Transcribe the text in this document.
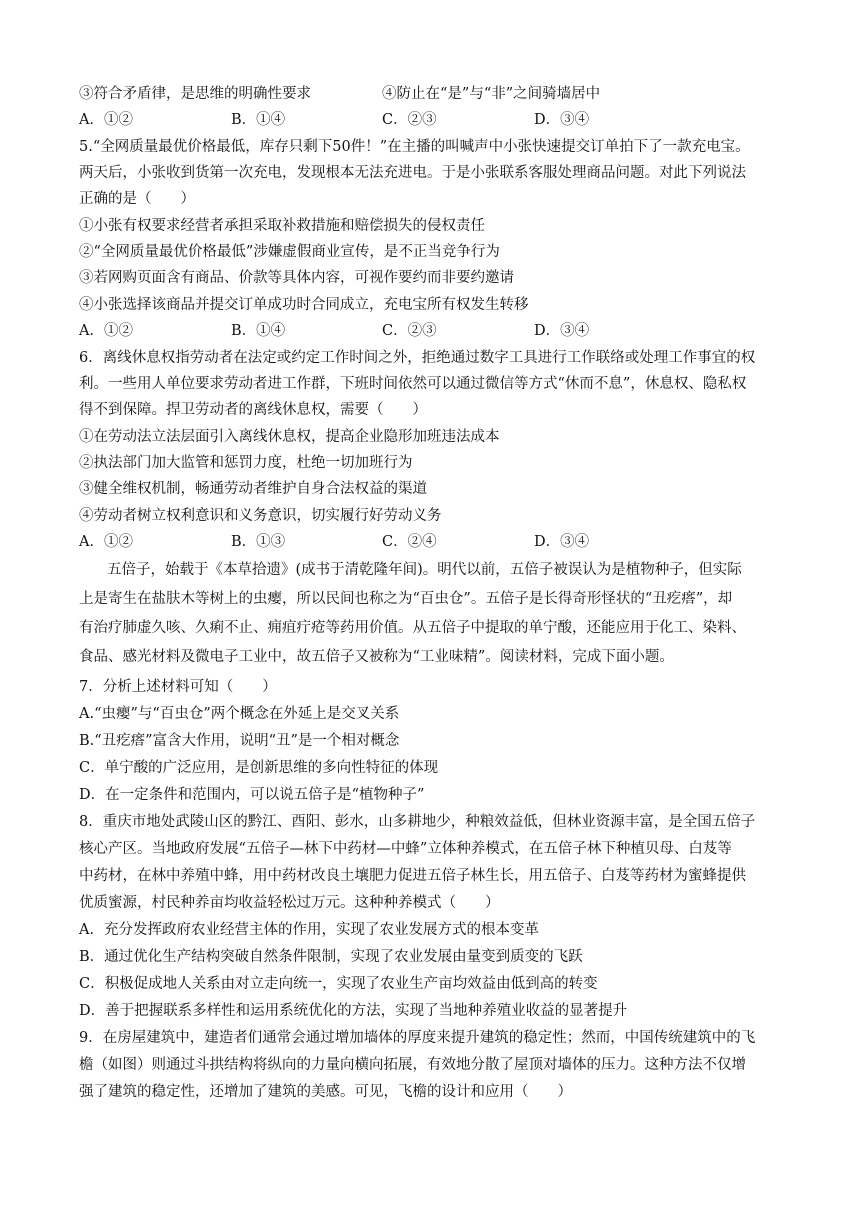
③符合矛盾律，是思维的明确性要求	④防止在“是”与“非”之间骑墙居中
A．①②	B．①④	C．②③	D．③④
5.“全网质量最优价格最低，库存只剩下50件！”在主播的叫喊声中小张快速提交订单拍下了一款充电宝。
两天后，小张收到货第一次充电，发现根本无法充进电。于是小张联系客服处理商品问题。对此下列说法
正确的是（　　）
①小张有权要求经营者承担采取补救措施和赔偿损失的侵权责任
②“全网质量最优价格最低”涉嫌虚假商业宣传，是不正当竞争行为
③若网购页面含有商品、价款等具体内容，可视作要约而非要约邀请
④小张选择该商品并提交订单成功时合同成立，充电宝所有权发生转移
A．①②	B．①④	C．②③	D．③④
6．离线休息权指劳动者在法定或约定工作时间之外，拒绝通过数字工具进行工作联络或处理工作事宜的权
利。一些用人单位要求劳动者进工作群，下班时间依然可以通过微信等方式“休而不息”，休息权、隐私权
得不到保障。捍卫劳动者的离线休息权，需要（　　）
①在劳动法立法层面引入离线休息权，提高企业隐形加班违法成本
②执法部门加大监管和惩罚力度，杜绝一切加班行为
③健全维权机制，畅通劳动者维护自身合法权益的渠道
④劳动者树立权利意识和义务意识，切实履行好劳动义务
A．①②	B．①③	C．②④	D．③④
五倍子，始载于《本草拾遗》(成书于清乾隆年间)。明代以前，五倍子被误认为是植物种子，但实际
上是寄生在盐肤木等树上的虫瘿，所以民间也称之为“百虫仓”。五倍子是长得奇形怪状的“丑疙瘩”，却
有治疗肺虚久咳、久痢不止、痈疽疔疮等药用价值。从五倍子中提取的单宁酸，还能应用于化工、染料、
食品、感光材料及微电子工业中，故五倍子又被称为“工业味精”。阅读材料，完成下面小题。
7．分析上述材料可知（　　）
A.“虫瘿”与“百虫仓”两个概念在外延上是交叉关系
B.“丑疙瘩”富含大作用，说明“丑”是一个相对概念
C．单宁酸的广泛应用，是创新思维的多向性特征的体现
D．在一定条件和范围内，可以说五倍子是“植物种子”
8．重庆市地处武陵山区的黔江、酉阳、彭水，山多耕地少，种粮效益低，但林业资源丰富，是全国五倍子
核心产区。当地政府发展“五倍子—林下中药材—中蜂”立体种养模式，在五倍子林下种植贝母、白芨等
中药材，在林中养殖中蜂，用中药材改良土壤肥力促进五倍子林生长，用五倍子、白芨等药材为蜜蜂提供
优质蜜源，村民种养亩均收益轻松过万元。这种种养模式（　　）
A．充分发挥政府农业经营主体的作用，实现了农业发展方式的根本变革
B．通过优化生产结构突破自然条件限制，实现了农业发展由量变到质变的飞跃
C．积极促成地人关系由对立走向统一，实现了农业生产亩均效益由低到高的转变
D．善于把握联系多样性和运用系统优化的方法，实现了当地种养殖业收益的显著提升
9．在房屋建筑中，建造者们通常会通过增加墙体的厚度来提升建筑的稳定性；然而，中国传统建筑中的飞
檐（如图）则通过斗拱结构将纵向的力量向横向拓展，有效地分散了屋顶对墙体的压力。这种方法不仅增
强了建筑的稳定性，还增加了建筑的美感。可见，飞檐的设计和应用（　　）
